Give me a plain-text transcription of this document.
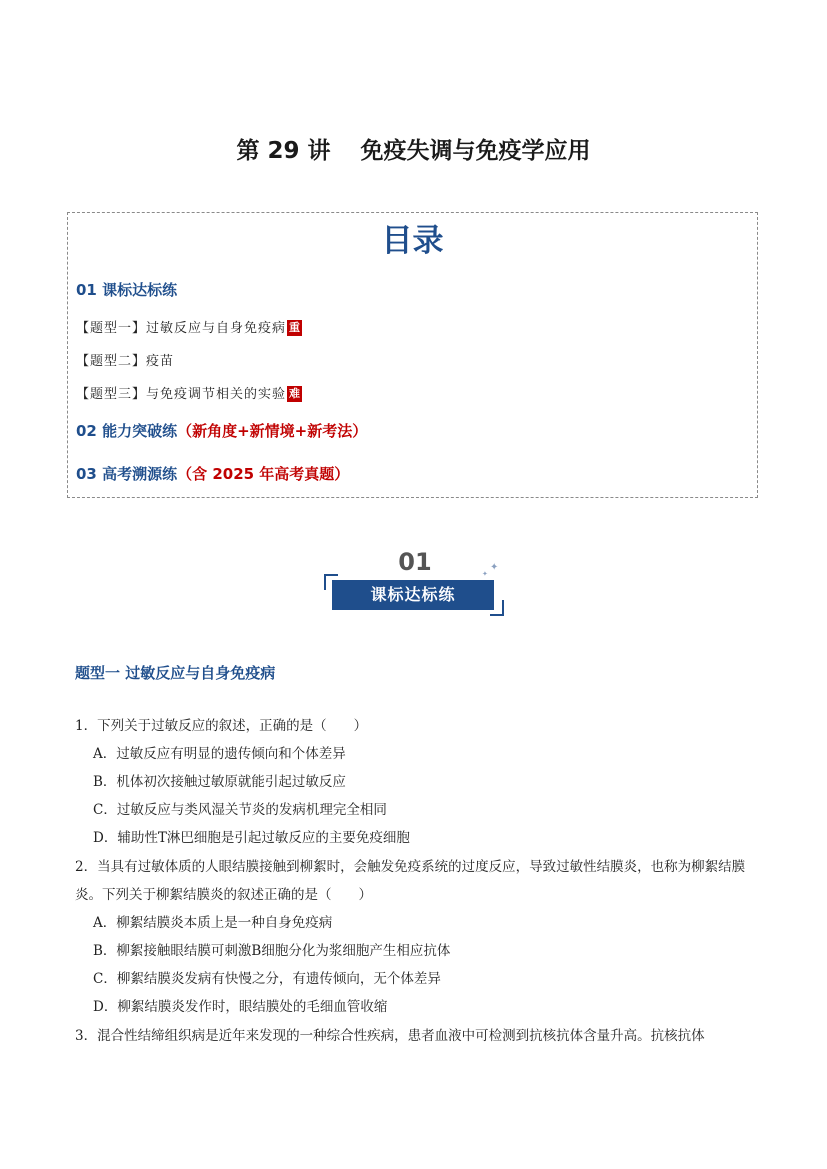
第 29 讲 免疫失调与免疫学应用
目录
01 课标达标练
【题型一】过敏反应与自身免疫病 重
【题型二】疫苗
【题型三】与免疫调节相关的实验 难
02 能力突破练（新角度+新情境+新考法）
03 高考溯源练（含 2025 年高考真题）
01
课标达标练
✦
✦
题型一 过敏反应与自身免疫病
1．下列关于过敏反应的叙述，正确的是（　　）
A．过敏反应有明显的遗传倾向和个体差异
B．机体初次接触过敏原就能引起过敏反应
C．过敏反应与类风湿关节炎的发病机理完全相同
D．辅助性T淋巴细胞是引起过敏反应的主要免疫细胞
2．当具有过敏体质的人眼结膜接触到柳絮时，会触发免疫系统的过度反应，导致过敏性结膜炎，也称为柳絮结膜炎。下列关于柳絮结膜炎的叙述正确的是（　　）
A．柳絮结膜炎本质上是一种自身免疫病
B．柳絮接触眼结膜可刺激B细胞分化为浆细胞产生相应抗体
C．柳絮结膜炎发病有快慢之分，有遗传倾向，无个体差异
D．柳絮结膜炎发作时，眼结膜处的毛细血管收缩
3．混合性结缔组织病是近年来发现的一种综合性疾病，患者血液中可检测到抗核抗体含量升高。抗核抗体
